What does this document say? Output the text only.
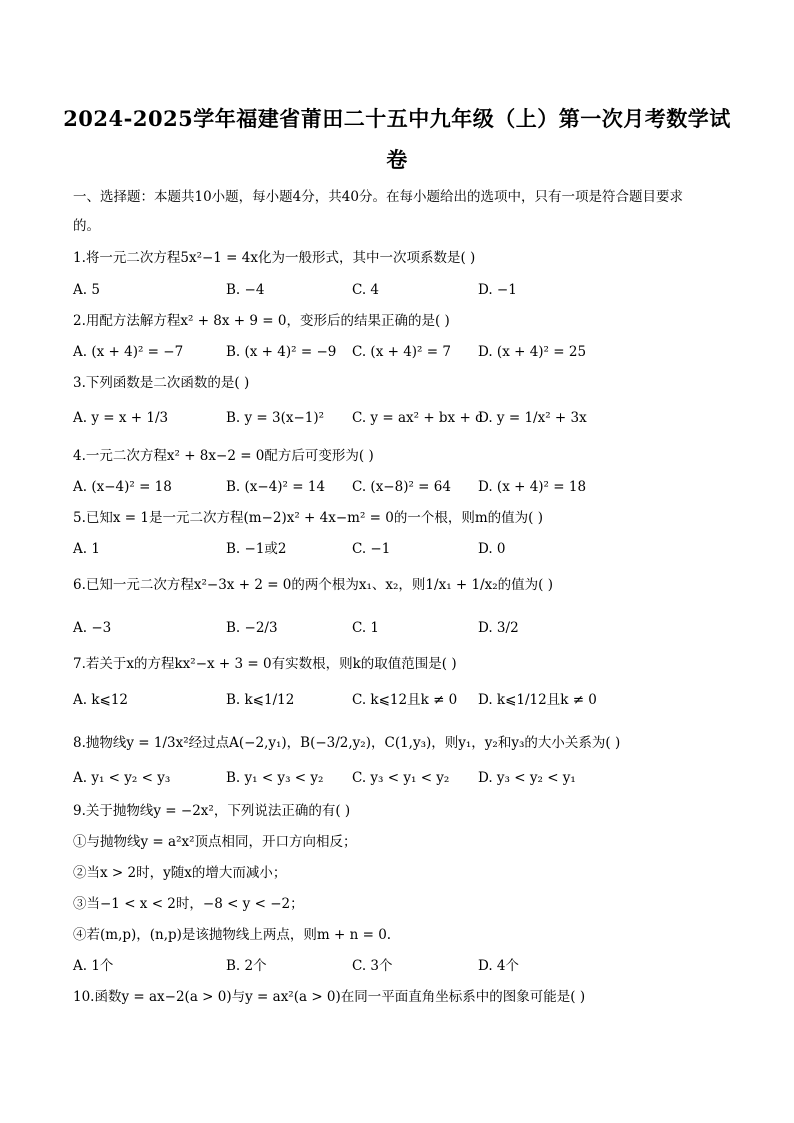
2024-2025学年福建省莆田二十五中九年级（上）第一次月考数学试
卷
一、选择题：本题共10小题，每小题4分，共40分。在每小题给出的选项中，只有一项是符合题目要求
的。
1.将一元二次方程5x²−1 = 4x化为一般形式，其中一次项系数是( )
A. 5	B. −4	C. 4	D. −1
2.用配方法解方程x² + 8x + 9 = 0，变形后的结果正确的是( )
A. (x + 4)² = −7	B. (x + 4)² = −9 C. (x + 4)² = 7 D. (x + 4)² = 25
3.下列函数是二次函数的是( )
A. y = x + 1/3	B. y = 3(x−1)² C. y = ax² + bx + c
D. y = 1/x² + 3x
4.一元二次方程x² + 8x−2 = 0配方后可变形为( )
A. (x−4)² = 18	B. (x−4)² = 14 C. (x−8)² = 64 D. (x + 4)² = 18
5.已知x = 1是一元二次方程(m−2)x² + 4x−m² = 0的一个根，则m的值为( )
A. 1	B. −1或2	C. −1	D. 0
6.已知一元二次方程x²−3x + 2 = 0的两个根为x₁、x₂，则1/x₁ + 1/x₂的值为( )
A. −3	B. −2/3	C. 1	D. 3/2
7.若关于x的方程kx²−x + 3 = 0有实数根，则k的取值范围是( )
A. k⩽12	B. k⩽1/12	C. k⩽12且k ≠ 0 D. k⩽1/12且k ≠ 0
8.抛物线y = 1/3x²经过点A(−2,y₁)，B(−3/2,y₂)，C(1,y₃)，则y₁，y₂和y₃的大小关系为( )
A. y₁ < y₂ < y₃	B. y₁ < y₃ < y₂ C. y₃ < y₁ < y₂ D. y₃ < y₂ < y₁
9.关于抛物线y = −2x²，下列说法正确的有( )
①与抛物线y = a²x²顶点相同，开口方向相反；
②当x > 2时，y随x的增大而减小；
③当−1 < x < 2时，−8 < y < −2；
④若(m,p)，(n,p)是该抛物线上两点，则m + n = 0.
A. 1个	B. 2个	C. 3个	D. 4个
10.函数y = ax−2(a > 0)与y = ax²(a > 0)在同一平面直角坐标系中的图象可能是( )
